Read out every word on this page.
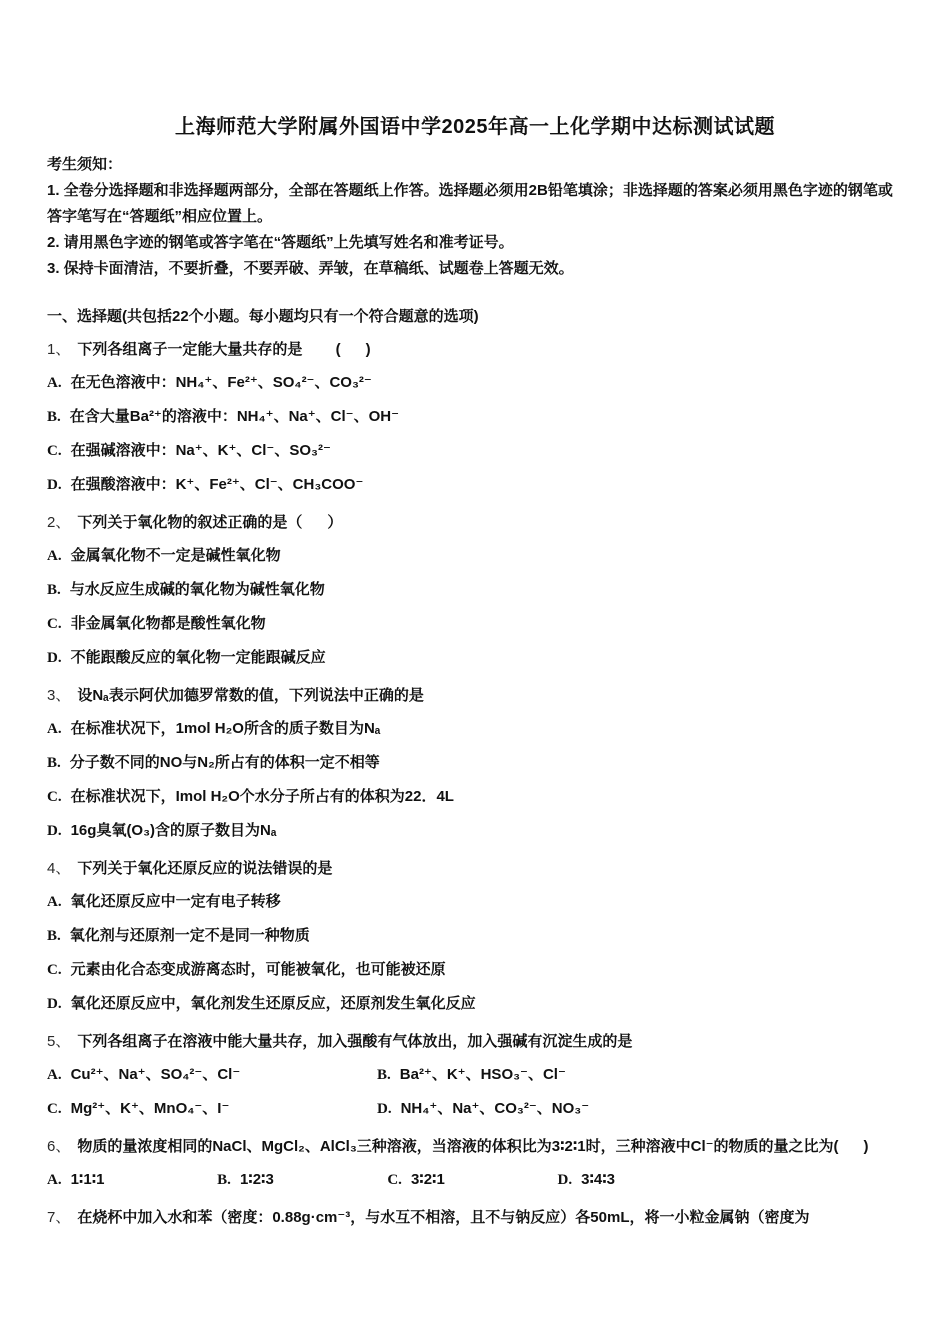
上海师范大学附属外国语中学2025年高一上化学期中达标测试试题

考生须知：

1. 全卷分选择题和非选择题两部分，全部在答题纸上作答。选择题必须用2B铅笔填涂；非选择题的答案必须用黑色字迹的钢笔或答字笔写在“答题纸”相应位置上。

2. 请用黑色字迹的钢笔或答字笔在“答题纸”上先填写姓名和准考证号。

3. 保持卡面清洁，不要折叠，不要弄破、弄皱，在草稿纸、试题卷上答题无效。

一、选择题(共包括22个小题。每小题均只有一个符合题意的选项)

1、 下列各组离子一定能大量共存的是        (      )

A. 在无色溶液中：NH₄⁺、Fe²⁺、SO₄²⁻、CO₃²⁻

B. 在含大量Ba²⁺的溶液中：NH₄⁺、Na⁺、Cl⁻、OH⁻

C. 在强碱溶液中：Na⁺、K⁺、Cl⁻、SO₃²⁻

D. 在强酸溶液中：K⁺、Fe²⁺、Cl⁻、CH₃COO⁻

2、 下列关于氧化物的叙述正确的是（      ）

A. 金属氧化物不一定是碱性氧化物

B. 与水反应生成碱的氧化物为碱性氧化物

C. 非金属氧化物都是酸性氧化物

D. 不能跟酸反应的氧化物一定能跟碱反应

3、 设Nₐ表示阿伏加德罗常数的值，下列说法中正确的是

A. 在标准状况下，1mol H₂O所含的质子数目为Nₐ

B. 分子数不同的NO与N₂所占有的体积一定不相等

C. 在标准状况下，Imol H₂O个水分子所占有的体积为22．4L

D. 16g臭氧(O₃)含的原子数目为Nₐ

4、 下列关于氧化还原反应的说法错误的是

A. 氧化还原反应中一定有电子转移

B. 氧化剂与还原剂一定不是同一种物质

C. 元素由化合态变成游离态时，可能被氧化，也可能被还原

D. 氧化还原反应中，氧化剂发生还原反应，还原剂发生氧化反应

5、 下列各组离子在溶液中能大量共存，加入强酸有气体放出，加入强碱有沉淀生成的是

A. Cu²⁺、Na⁺、SO₄²⁻、Cl⁻	B. Ba²⁺、K⁺、HSO₃⁻、Cl⁻

C. Mg²⁺、K⁺、MnO₄⁻、I⁻	D. NH₄⁺、Na⁺、CO₃²⁻、NO₃⁻

6、 物质的量浓度相同的NaCl、MgCl₂、AlCl₃三种溶液，当溶液的体积比为3∶2∶1时，三种溶液中Cl⁻的物质的量之比为(      )

A. 1∶1∶1	B. 1∶2∶3	C. 3∶2∶1	D. 3∶4∶3

7、 在烧杯中加入水和苯（密度：0.88g·cm⁻³，与水互不相溶，且不与钠反应）各50mL，将一小粒金属钠（密度为
